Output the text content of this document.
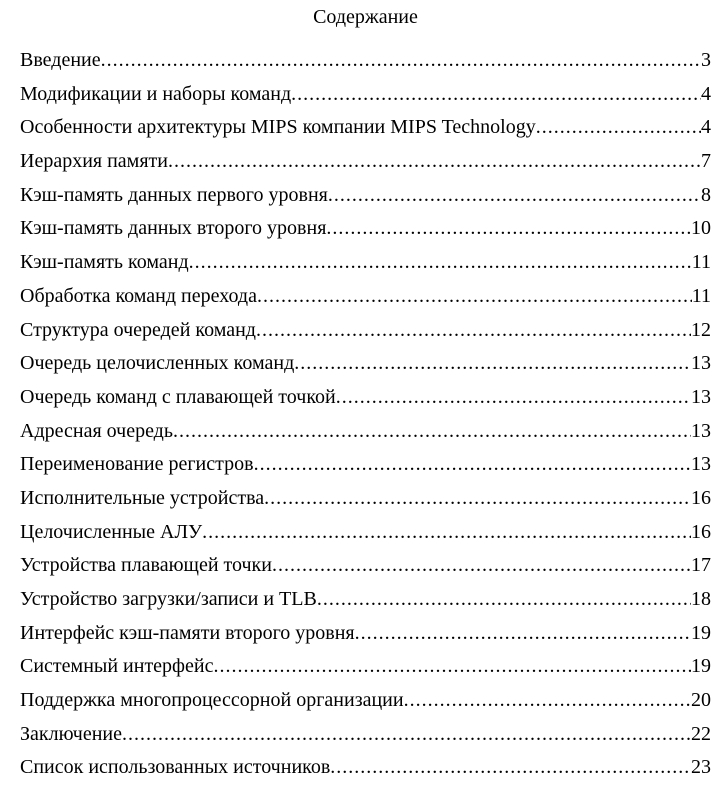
Содержание
Введение .....	3
Модификации и наборы команд .....	4
Особенности архитектуры MIPS компании MIPS Technology .....	4
Иерархия памяти .....	7
Кэш-память данных первого уровня .....	8
Кэш-память данных второго уровня .....	10
Кэш-память команд .....	11
Обработка команд перехода .....	11
Структура очередей команд .....	12
Очередь целочисленных команд .....	13
Очередь команд с плавающей точкой .....	13
Адресная очередь .....	13
Переименование регистров .....	13
Исполнительные устройства .....	16
Целочисленные АЛУ .....	16
Устройства плавающей точки .....	17
Устройство загрузки/записи и TLB .....	18
Интерфейс кэш-памяти второго уровня .....	19
Системный интерфейс .....	19
Поддержка многопроцессорной организации .....	20
Заключение .....	22
Список использованных источников .....	23
